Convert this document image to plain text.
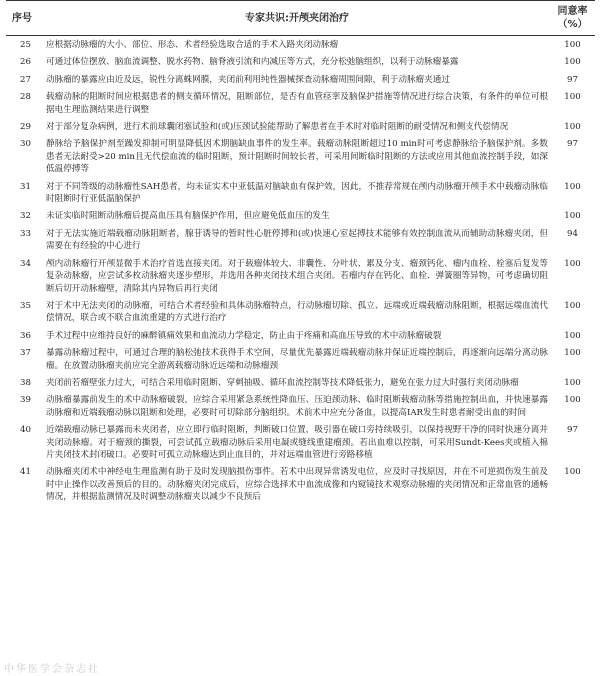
序号	专家共识:开颅夹闭治疗	同意率（%）
25	应根据动脉瘤的大小、部位、形态、术者经验选取合适的手术入路夹闭动脉瘤	100
26	可通过体位摆放、脑血流调整、脱水药物、脑脊液引流和内减压等方式，充分松弛脑组织，以利于动脉瘤暴露	100
27	动脉瘤的暴露应由近及远，锐性分离蛛网膜，夹闭前利用纯性器械探查动脉瘤周围间隙，利于动脉瘤夹通过	97
28	载瘤动脉的阻断时间应根据患者的侧支循环情况，阻断部位，是否有血管痉挛及脑保护措施等情况进行综合决策，有条件的单位可根据电生理监测结果进行调整	100
29	对于部分复杂病例，进行术前球囊闭塞试验和(或)压颈试验能帮助了解患者在手术时对临时阻断的耐受情况和侧支代偿情况	100
30	静脉给予脑保护剂至躁发抑制可明显降低因术期脑缺血事件的发生率。载瘤动脉阻断超过10 min时可考虑静脉给予脑保护剂。多数患者无法耐受>20 min且无代偿血流的临时阻断，预计阻断时间较长者，可采用间断临时阻断的方法或应用其他血流控制手段，如深低温停搏等	97
31	对于不同等级的动脉瘤性SAH患者，均未证实术中亚低温对脑缺血有保护效，因此，不推荐常规在颅内动脉瘤开颅手术中载瘤动脉临时阻断时行亚低温脑保护	100
32	未证实临时阻断动脉瘤后提高血压具有脑保护作用，但应避免低血压的发生	100
33	对于无法实施近端载瘤动脉阻断者，腺苷诱导的暂时性心脏停搏和(或)快速心室起搏技术能够有效控制血流从而辅助动脉瘤夹闭，但需要在有经验的中心进行	94
34	颅内动脉瘤行开颅显微手术治疗首选直接夹闭。对于载瘤体较大、非囊性、分叶状、累及分支、瘤颈钙化、瘤内血栓、栓塞后复发等复杂动脉瘤，应尝试多枚动脉瘤夹逐步塑形，并选用各种夹闭技术组合夹闭。若瘤内存在钙化、血栓、弹簧圈等异物，可考虑确切阻断后切开动脉瘤壁，清除其内异物后再行夹闭	100
35	对于术中无法夹闭的动脉瘤，可结合术者经验和具体动脉瘤特点，行动脉瘤切除、孤立、远端或近端载瘤动脉阻断，根据远端血流代偿情况，联合或不联合血流重建的方式进行治疗	100
36	手术过程中应维持良好的麻醉镇痛效果和血流动力学稳定，防止由于疼痛和高血压导致的术中动脉瘤破裂	100
37	暴露动脉瘤过程中，可通过合理的脑松弛技术获得手术空间，尽量优先暴露近端载瘤动脉并保证近端控制后，再逐渐向远端分离动脉瘤。在放置动脉瘤夹前应完全游离载瘤动脉近远端和动脉瘤颈	100
38	夹闭前若瘤壁张力过大，可结合采用临时阻断、穿刺抽吸、循环血流控制等技术降低张力，避免在张力过大时强行夹闭动脉瘤	100
39	动脉瘤暴露前发生的术中动脉瘤破裂，应综合采用紧急系统性降血压、压迫颈动脉、临时阻断载瘤动脉等措施控制出血，并快速暴露动脉瘤和近端载瘤动脉以阻断和处理，必要时可切除部分脑组织。术前术中应充分备血，以提高IAR发生时患者耐受出血的时间	100
40	近端载瘤动脉已暴露而未夹闭者，应立即行临时阻断，判断破口位置，吸引器在破口旁持续吸引，以保持视野干净的同时快速分离并夹闭动脉瘤。对于瘤颈的撕裂，可尝试孤立载瘤动脉后采用电凝或缝线重建瘤颈。若出血难以控制，可采用Sundt-Kees夹或植入棉片夹闭技术封闭破口。必要时可孤立动脉瘤达到止血目的，并对远端血管进行旁路移植	97
41	动脉瘤夹闭术中神经电生理监测有助于及时发现脑损伤事件。若术中出现异常诱发电位，应及时寻找原因，并在不可逆损伤发生前及时中止操作以改善预后的目的。动脉瘤夹闭完成后，应综合选择术中血流成像和内窥镜技术观察动脉瘤的夹闭情况和正常血管的通畅情况，并根据监测情况及时调整动脉瘤夹以减少不良预后	100
中华医学会杂志社
